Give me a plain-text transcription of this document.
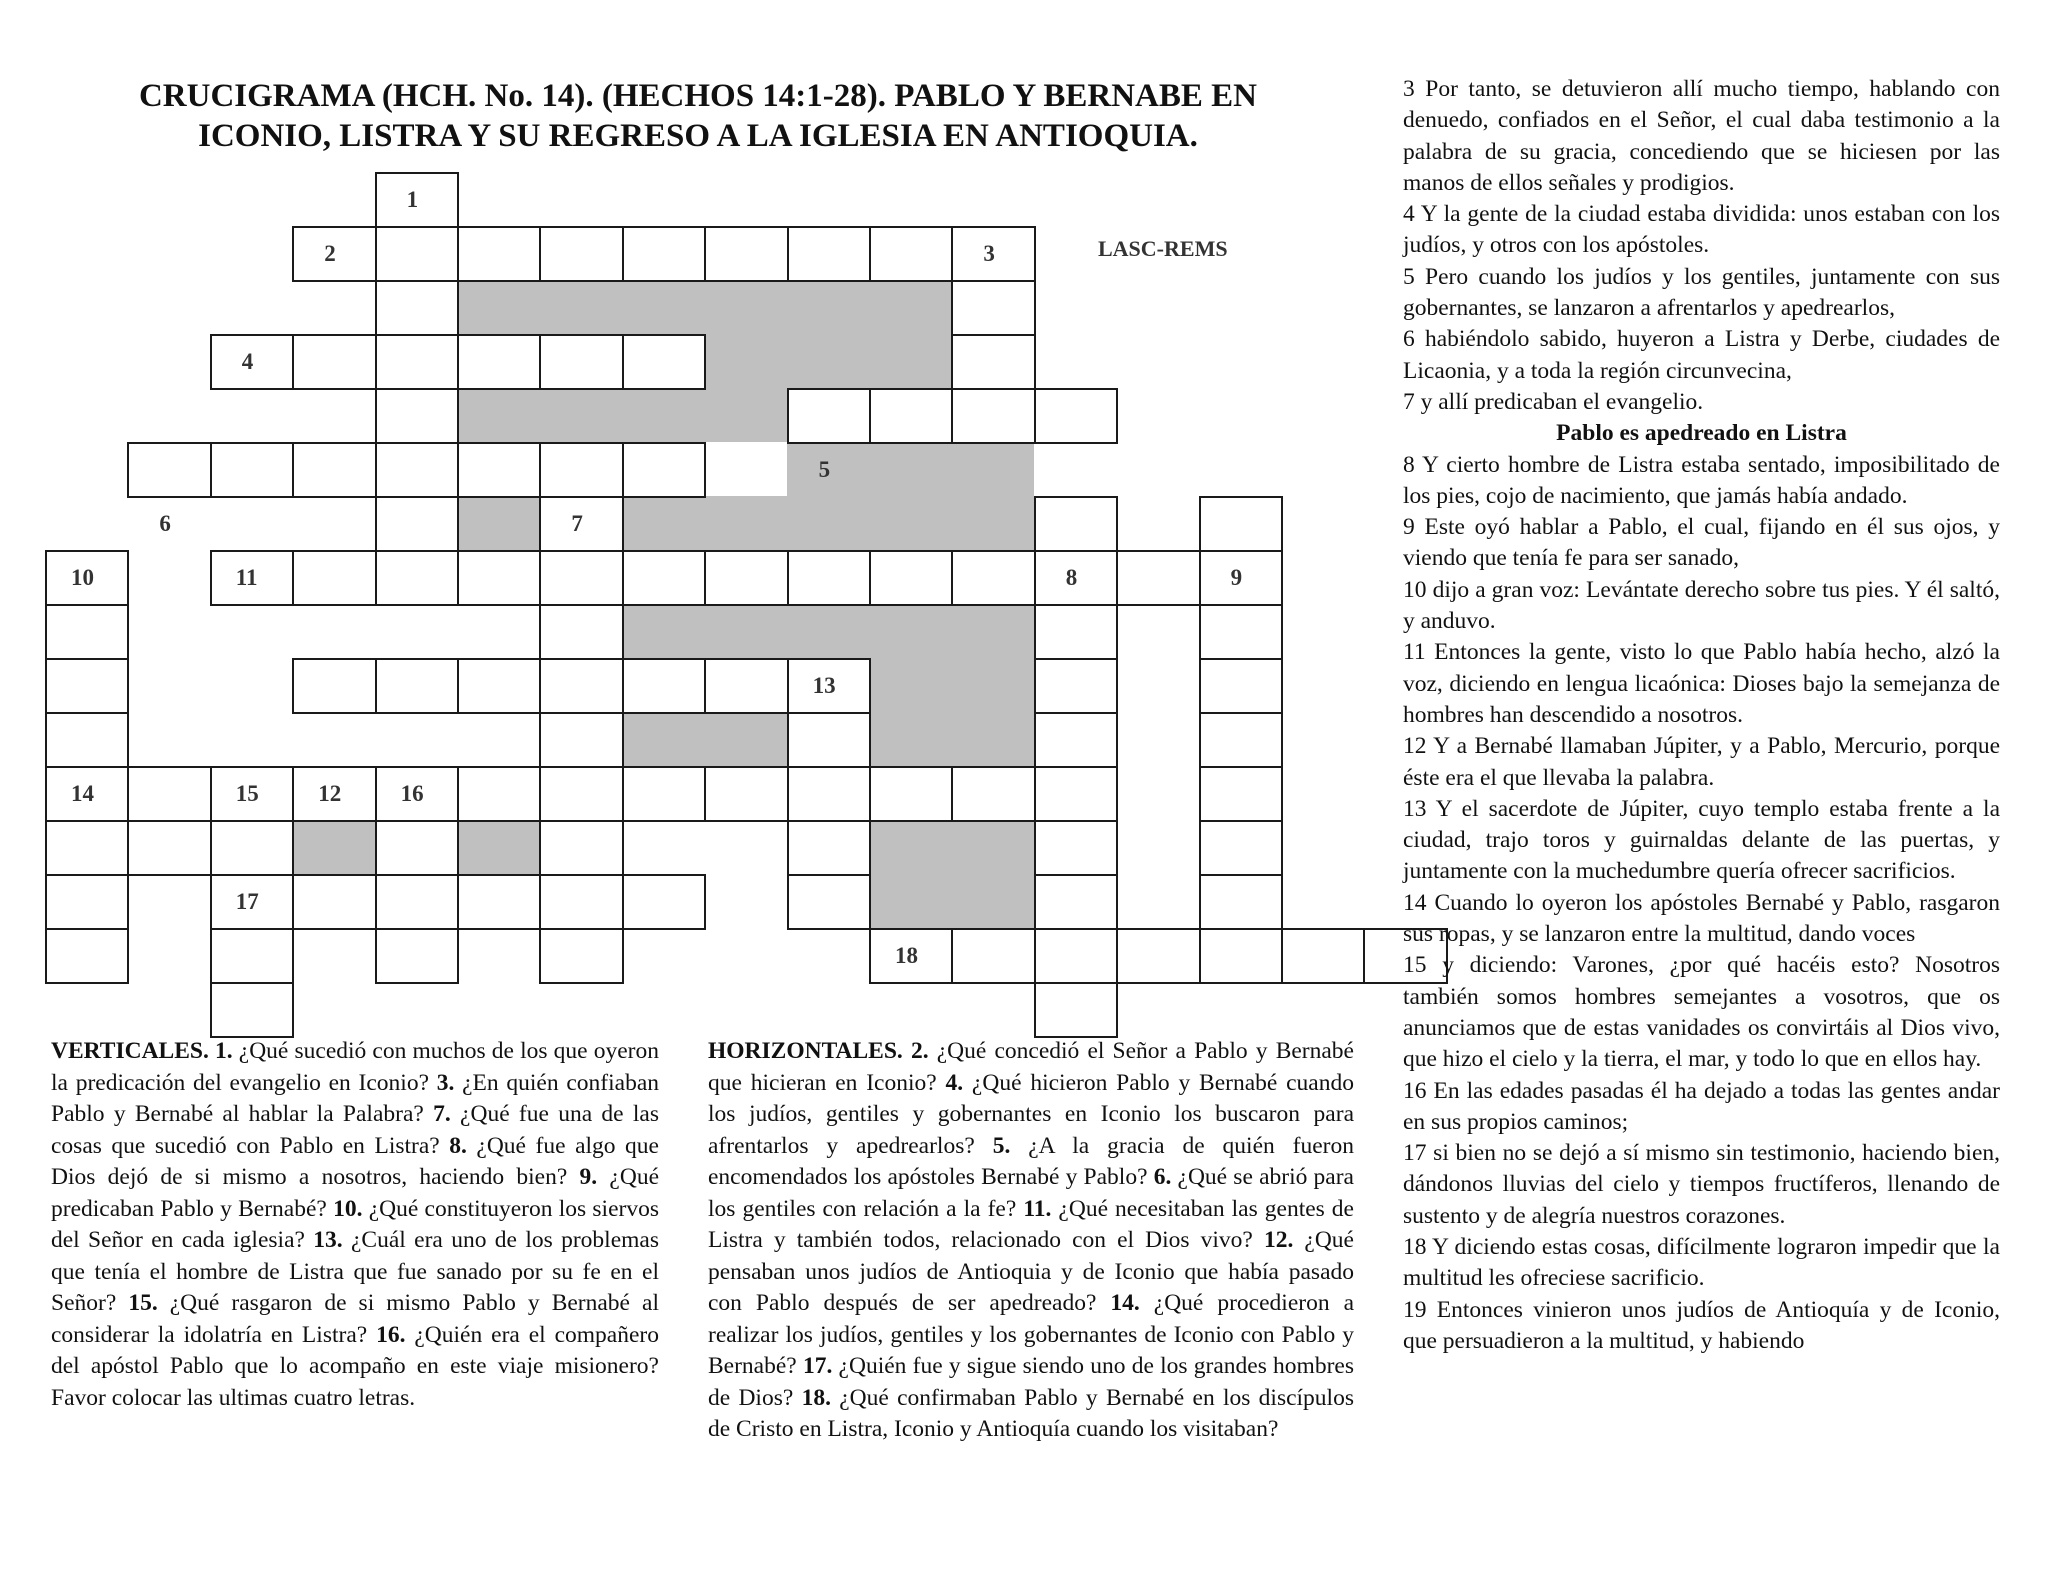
CRUCIGRAMA (HCH. No. 14). (HECHOS 14:1-28). PABLO Y BERNABE EN
ICONIO, LISTRA Y SU REGRESO A LA IGLESIA EN ANTIOQUIA.
1
2	3
4
5
6	7
8	9
10	11
12
13
14	15	16
17
18
LASC-REMS
VERTICALES. 1. ¿Qué sucedió con muchos de los que oyeron la predicación del evangelio en Iconio? 3. ¿En quién confiaban Pablo y Bernabé al hablar la Palabra? 7. ¿Qué fue una de las cosas que sucedió con Pablo en Listra? 8. ¿Qué fue algo que Dios dejó de si mismo a nosotros, haciendo bien? 9. ¿Qué predicaban Pablo y Bernabé? 10. ¿Qué constituyeron los siervos del Señor en cada iglesia? 13. ¿Cuál era uno de los problemas que tenía el hombre de Listra que fue sanado por su fe en el Señor? 15. ¿Qué rasgaron de si mismo Pablo y Bernabé al considerar la idolatría en Listra? 16. ¿Quién era el compañero del apóstol Pablo que lo acompaño en este viaje misionero? Favor colocar las ultimas cuatro letras.
HORIZONTALES. 2. ¿Qué concedió el Señor a Pablo y Bernabé que hicieran en Iconio? 4. ¿Qué hicieron Pablo y Bernabé cuando los judíos, gentiles y gobernantes en Iconio los buscaron para afrentarlos y apedrearlos? 5. ¿A la gracia de quién fueron encomendados los apóstoles Bernabé y Pablo? 6. ¿Qué se abrió para los gentiles con relación a la fe? 11. ¿Qué necesitaban las gentes de Listra y también todos, relacionado con el Dios vivo? 12. ¿Qué pensaban unos judíos de Antioquia y de Iconio que había pasado con Pablo después de ser apedreado? 14. ¿Qué procedieron a realizar los judíos, gentiles y los gobernantes de Iconio con Pablo y Bernabé? 17. ¿Quién fue y sigue siendo uno de los grandes hombres de Dios? 18. ¿Qué confirmaban Pablo y Bernabé en los discípulos de Cristo en Listra, Iconio y Antioquía cuando los visitaban?
3 Por tanto, se detuvieron allí mucho tiempo, hablando con denuedo, confiados en el Señor, el cual daba testimonio a la palabra de su gracia, concediendo que se hiciesen por las manos de ellos señales y prodigios.
4 Y la gente de la ciudad estaba dividida: unos estaban con los judíos, y otros con los apóstoles.
5 Pero cuando los judíos y los gentiles, juntamente con sus gobernantes, se lanzaron a afrentarlos y apedrearlos,
6 habiéndolo sabido, huyeron a Listra y Derbe, ciudades de Licaonia, y a toda la región circunvecina,
7 y allí predicaban el evangelio.
Pablo es apedreado en Listra
8 Y cierto hombre de Listra estaba sentado, imposibilitado de los pies, cojo de nacimiento, que jamás había andado.
9 Este oyó hablar a Pablo, el cual, fijando en él sus ojos, y viendo que tenía fe para ser sanado,
10 dijo a gran voz: Levántate derecho sobre tus pies. Y él saltó, y anduvo.
11 Entonces la gente, visto lo que Pablo había hecho, alzó la voz, diciendo en lengua licaónica: Dioses bajo la semejanza de hombres han descendido a nosotros.
12 Y a Bernabé llamaban Júpiter, y a Pablo, Mercurio, porque éste era el que llevaba la palabra.
13 Y el sacerdote de Júpiter, cuyo templo estaba frente a la ciudad, trajo toros y guirnaldas delante de las puertas, y juntamente con la muchedumbre quería ofrecer sacrificios.
14 Cuando lo oyeron los apóstoles Bernabé y Pablo, rasgaron sus ropas, y se lanzaron entre la multitud, dando voces
15 y diciendo: Varones, ¿por qué hacéis esto? Nosotros también somos hombres semejantes a vosotros, que os anunciamos que de estas vanidades os convirtáis al Dios vivo, que hizo el cielo y la tierra, el mar, y todo lo que en ellos hay.
16 En las edades pasadas él ha dejado a todas las gentes andar en sus propios caminos;
17 si bien no se dejó a sí mismo sin testimonio, haciendo bien, dándonos lluvias del cielo y tiempos fructíferos, llenando de sustento y de alegría nuestros corazones.
18 Y diciendo estas cosas, difícilmente lograron impedir que la multitud les ofreciese sacrificio.
19 Entonces vinieron unos judíos de Antioquía y de Iconio, que persuadieron a la multitud, y habiendo
